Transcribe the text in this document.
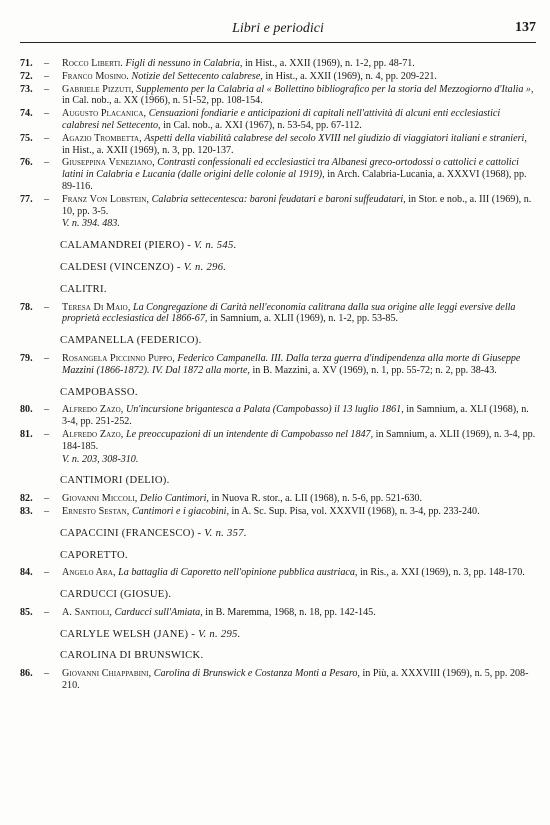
Libri e periodici	137
71.	– Rocco Liberti. Figli di nessuno in Calabria, in Hist., a. XXII (1969), n. 1-2, pp. 48-71.
72.	– Franco Mosino. Notizie del Settecento calabrese, in Hist., a. XXII (1969), n. 4, pp. 209-221.
73.	– Gabriele Pizzuti, Supplemento per la Calabria al « Bollettino bibliografico per la storia del Mezzogiorno d'Italia », in Cal. nob., a. XX (1966), n. 51-52, pp. 108-154.
74.	– Augusto Placanica, Censuazioni fondiarie e anticipazioni di capitali nell'attività di alcuni enti ecclesiastici calabresi nel Settecento, in Cal. nob., a. XXI (1967), n. 53-54, pp. 67-112.
75.	– Agazio Trombetta, Aspetti della viabilità calabrese del secolo XVIII nel giudizio di viaggiatori italiani e stranieri, in Hist., a. XXII (1969), n. 3, pp. 120-137.
76.	– Giuseppina Veneziano, Contrasti confessionali ed ecclesiastici tra Albanesi greco-ortodossi o cattolici e cattolici latini in Calabria e Lucania (dalle origini delle colonie al 1919), in Arch. Calabria-Lucania, a. XXXVI (1968), pp. 89-116.
77.	– Franz Von Lobstein, Calabria settecentesca: baroni feudatari e baroni suffeudatari, in Stor. e nob., a. III (1969), n. 10, pp. 3-5.
V. n. 394. 483.
CALAMANDREI (PIERO) - V. n. 545.
CALDESI (VINCENZO) - V. n. 296.
CALITRI.
78.	– Teresa Di Maio, La Congregazione di Carità nell'economia calitrana dalla sua origine alle leggi eversive della proprietà ecclesiastica del 1866-67, in Samnium, a. XLII (1969), n. 1-2, pp. 53-85.
CAMPANELLA (FEDERICO).
79.	– Rosangela Piccinno Puppo, Federico Campanella. III. Dalla terza guerra d'indipendenza alla morte di Giuseppe Mazzini (1866-1872). IV. Dal 1872 alla morte, in B. Mazzini, a. XV (1969), n. 1, pp. 55-72; n. 2, pp. 38-43.
CAMPOBASSO.
80.	– Alfredo Zazo, Un'incursione brigantesca a Palata (Campobasso) il 13 luglio 1861, in Samnium, a. XLI (1968), n. 3-4, pp. 251-252.
81.	– Alfredo Zazo, Le preoccupazioni di un intendente di Campobasso nel 1847, in Samnium, a. XLII (1969), n. 3-4, pp. 184-185.
V. n. 203, 308-310.
CANTIMORI (DELIO).
82.	– Giovanni Miccoli, Delio Cantimori, in Nuova R. stor., a. LII (1968), n. 5-6, pp. 521-630.
83.	– Ernesto Sestan, Cantimori e i giacobini, in A. Sc. Sup. Pisa, vol. XXXVII (1968), n. 3-4, pp. 233-240.
CAPACCINI (FRANCESCO) - V. n. 357.
CAPORETTO.
84.	– Angelo Ara, La battaglia di Caporetto nell'opinione pubblica austriaca, in Ris., a. XXI (1969), n. 3, pp. 148-170.
CARDUCCI (GIOSUE).
85.	– A. Santioli, Carducci sull'Amiata, in B. Maremma, 1968, n. 18, pp. 142-145.
CARLYLE WELSH (JANE) - V. n. 295.
CAROLINA DI BRUNSWICK.
86.	– Giovanni Chiappabini, Carolina di Brunswick e Costanza Monti a Pesaro, in Più, a. XXXVIII (1969), n. 5, pp. 208-210.
